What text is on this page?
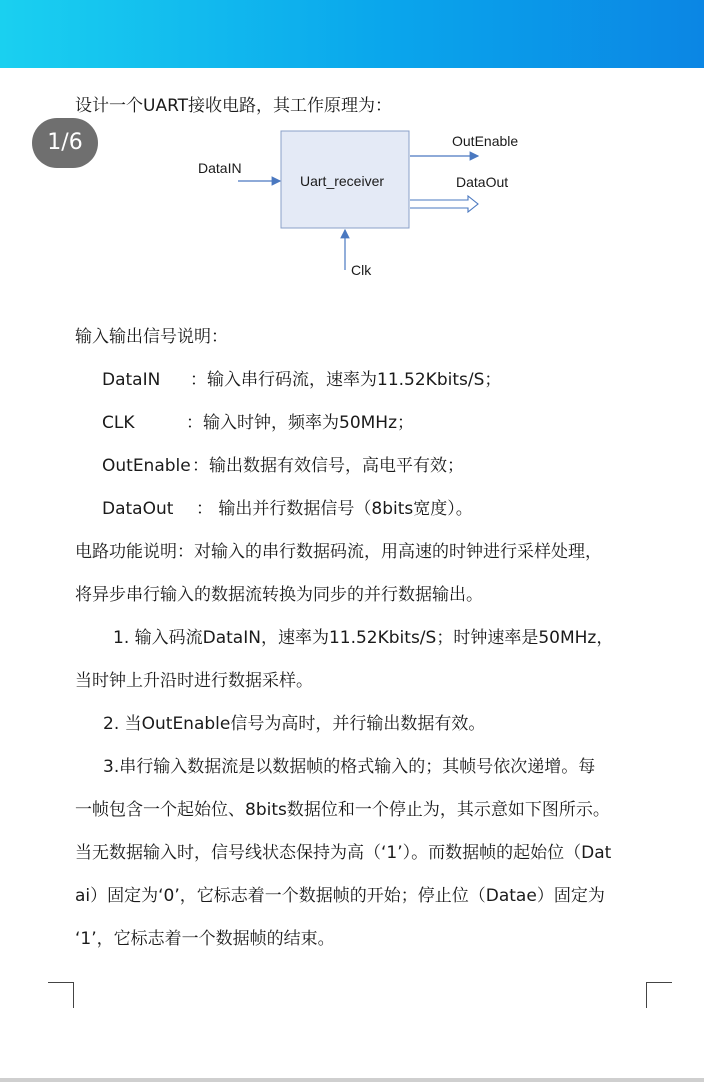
设计一个UART接收电路，其工作原理为：
1/6
Uart_receiver
DataIN
Clk
OutEnable
DataOut
输入输出信号说明：
DataIN ：输入串行码流，速率为11.52Kbits/S；
CLK	：输入时钟，频率为50MHz；
OutEnable ：输出数据有效信号，高电平有效；
DataOut ： 输出并行数据信号（8bits宽度）。
电路功能说明：对输入的串行数据码流，用高速的时钟进行采样处理，
将异步串行输入的数据流转换为同步的并行数据输出。
1. 输入码流DataIN，速率为11.52Kbits/S；时钟速率是50MHz，
当时钟上升沿时进行数据采样。
2. 当OutEnable信号为高时，并行输出数据有效。
3.串行输入数据流是以数据帧的格式输入的；其帧号依次递增。每
一帧包含一个起始位、8bits数据位和一个停止为，其示意如下图所示。
当无数据输入时，信号线状态保持为高（‘1’）。而数据帧的起始位（Dat
ai）固定为‘0’，它标志着一个数据帧的开始；停止位（Datae）固定为
‘1’，它标志着一个数据帧的结束。
